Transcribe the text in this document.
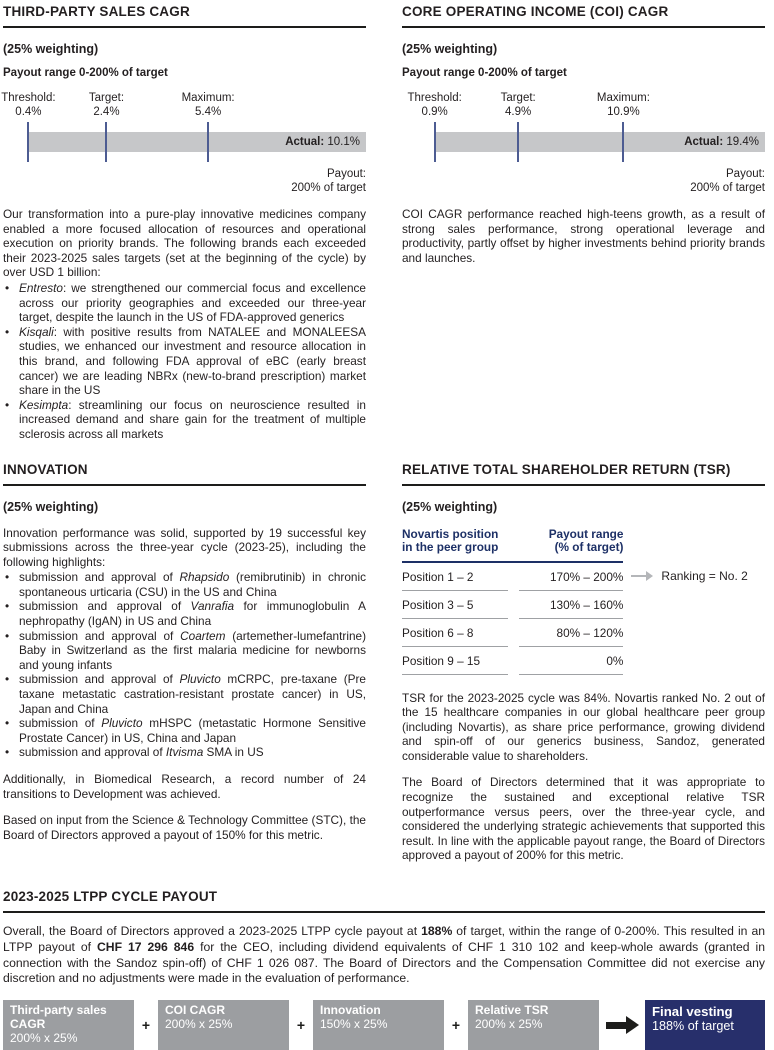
THIRD-PARTY SALES CAGR
(25% weighting)
Payout range 0-200% of target
Threshold:
0.4%
Target:
2.4%
Maximum:
5.4%
Actual: 10.1%
Payout:
200% of target

Our transformation into a pure-play innovative medicines company enabled a more focused allocation of resources and operational execution on priority brands. The following brands each exceeded their 2023-2025 sales targets (set at the beginning of the cycle) by over USD 1 billion:

• Entresto: we strengthened our commercial focus and excellence across our priority geographies and exceeded our three-year target, despite the launch in the US of FDA-approved generics
• Kisqali: with positive results from NATALEE and MONALEESA studies, we enhanced our investment and resource allocation in this brand, and following FDA approval of eBC (early breast cancer) we are leading NBRx (new-to-brand prescription) market share in the US
• Kesimpta: streamlining our focus on neuroscience resulted in increased demand and share gain for the treatment of multiple sclerosis across all markets
CORE OPERATING INCOME (COI) CAGR
(25% weighting)
Payout range 0-200% of target
Threshold:
0.9%
Target:
4.9%
Maximum:
10.9%
Actual: 19.4%
Payout:
200% of target

COI CAGR performance reached high-teens growth, as a result of strong sales performance, strong operational leverage and productivity, partly offset by higher investments behind priority brands and launches.

INNOVATION
(25% weighting)

Innovation performance was solid, supported by 19 successful key submissions across the three-year cycle (2023-25), including the following highlights:

• submission and approval of Rhapsido (remibrutinib) in chronic spontaneous urticaria (CSU) in the US and China
• submission and approval of Vanrafia for immunoglobulin A nephropathy (IgAN) in US and China
• submission and approval of Coartem (artemether-lumefantrine) Baby in Switzerland as the first malaria medicine for newborns and young infants
• submission and approval of Pluvicto mCRPC, pre-taxane (Pre taxane metastatic castration-resistant prostate cancer) in US, Japan and China
• submission of Pluvicto mHSPC (metastatic Hormone Sensitive Prostate Cancer) in US, China and Japan
• submission and approval of Itvisma SMA in US

Additionally, in Biomedical Research, a record number of 24 transitions to Development was achieved.

Based on input from the Science & Technology Committee (STC), the Board of Directors approved a payout of 150% for this metric.

RELATIVE TOTAL SHAREHOLDER RETURN (TSR)
(25% weighting)
Novartis position
in the peer group
Payout range
(% of target)
Position 1 – 2	170% – 200%
Position 3 – 5	130% – 160%
Position 6 – 8	80% – 120%
Position 9 – 15	0%
Ranking = No. 2

TSR for the 2023-2025 cycle was 84%. Novartis ranked No. 2 out of the 15 healthcare companies in our global healthcare peer group (including Novartis), as share price performance, growing dividend and spin-off of our generics business, Sandoz, generated considerable value to shareholders.

The Board of Directors determined that it was appropriate to recognize the sustained and exceptional relative TSR outperformance versus peers, over the three-year cycle, and considered the underlying strategic achievements that supported this result. In line with the applicable payout range, the Board of Directors approved a payout of 200% for this metric.

2023-2025 LTPP CYCLE PAYOUT

Overall, the Board of Directors approved a 2023-2025 LTPP cycle payout at 188% of target, within the range of 0-200%. This resulted in an LTPP payout of CHF 17 296 846 for the CEO, including dividend equivalents of CHF 1 310 102 and keep-whole awards (granted in connection with the Sandoz spin-off) of CHF 1 026 087. The Board of Directors and the Compensation Committee did not exercise any discretion and no adjustments were made in the evaluation of performance.

Third-party sales CAGR
200% x 25%
+
COI CAGR
200% x 25%	+
Innovation
150% x 25%	+
Relative TSR
200% x 25%
Final vesting
188% of target
